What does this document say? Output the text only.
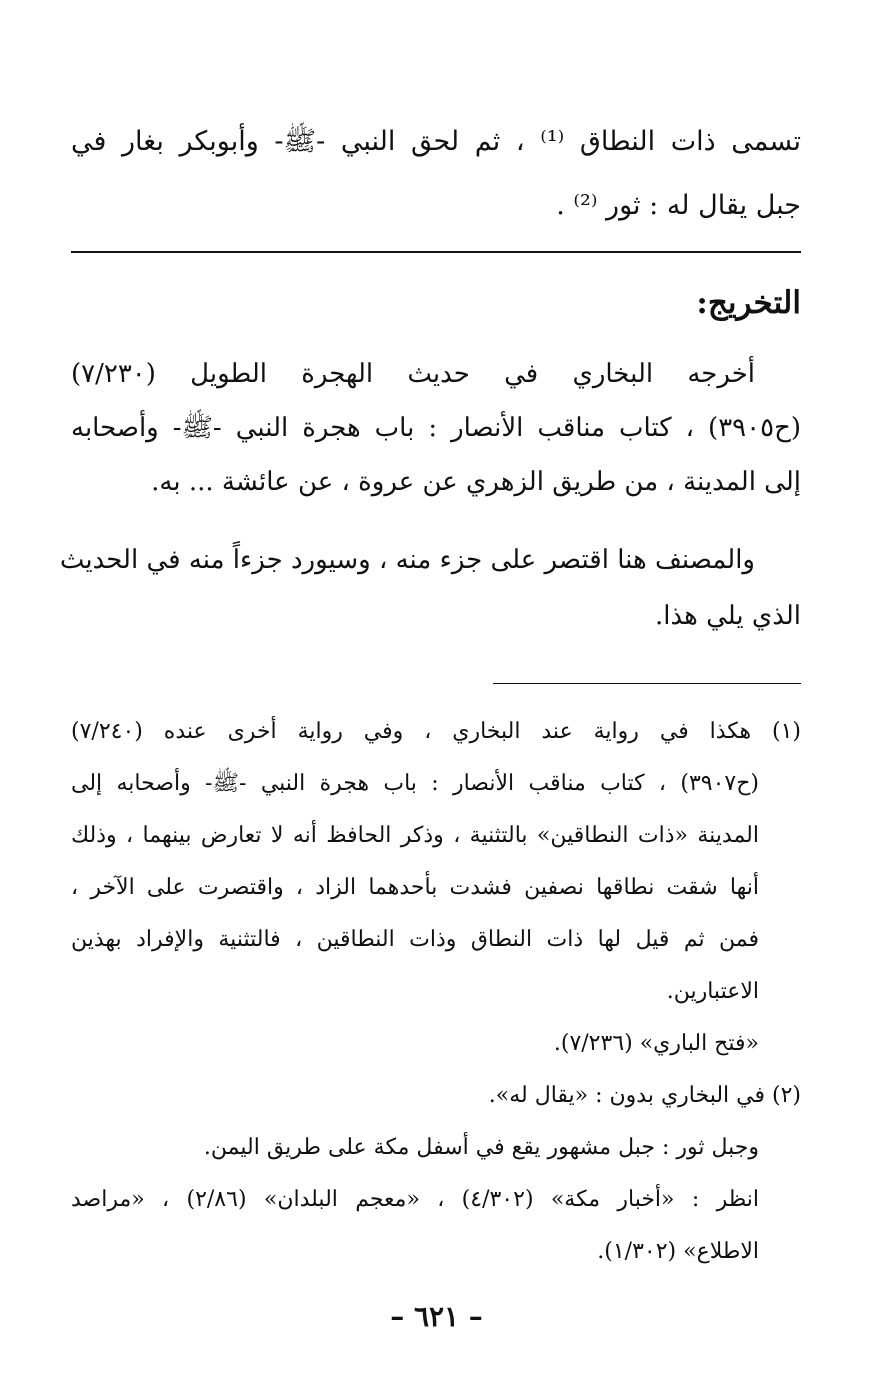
تسمى ذات النطاق ⁽¹⁾ ، ثم لحق النبي -ﷺ- وأبوبكر بغار في
جبل يقال له : ثور ⁽²⁾ .
التخريج:
أخرجه البخاري في حديث الهجرة الطويل (٧/٢٣٠)
(ح٣٩٠٥) ، كتاب مناقب الأنصار : باب هجرة النبي -ﷺ- وأصحابه
إلى المدينة ، من طريق الزهري عن عروة ، عن عائشة ... به.
والمصنف هنا اقتصر على جزء منه ، وسيورد جزءاً منه في الحديث
الذي يلي هذا.
(١) هكذا في رواية عند البخاري ، وفي رواية أخرى عنده (٧/٢٤٠)
(ح٣٩٠٧) ، كتاب مناقب الأنصار : باب هجرة النبي -ﷺ- وأصحابه إلى
المدينة «ذات النطاقين» بالتثنية ، وذكر الحافظ أنه لا تعارض بينهما ، وذلك
أنها شقت نطاقها نصفين فشدت بأحدهما الزاد ، واقتصرت على الآخر ،
فمن ثم قيل لها ذات النطاق وذات النطاقين ، فالتثنية والإفراد بهذين
الاعتبارين.
«فتح الباري» (٧/٢٣٦).
(٢) في البخاري بدون : «يقال له».
وجبل ثور : جبل مشهور يقع في أسفل مكة على طريق اليمن.
انظر : «أخبار مكة» (٤/٣٠٢) ، «معجم البلدان» (٢/٨٦) ، «مراصد
الاطلاع» (١/٣٠٢).
– ٦٢١ –
